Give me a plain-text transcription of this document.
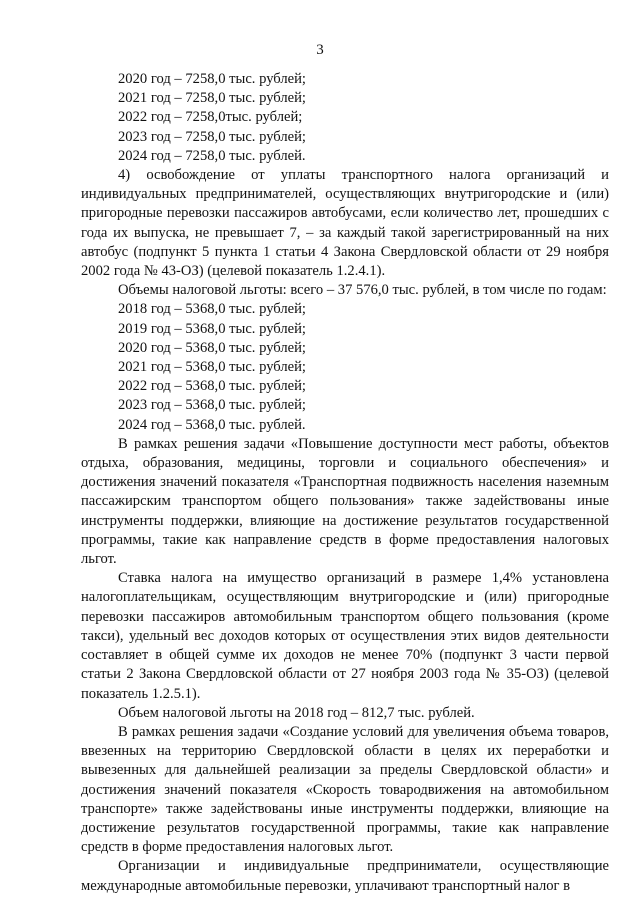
3
2020 год – 7258,0 тыс. рублей;
2021 год – 7258,0 тыс. рублей;
2022 год – 7258,0тыс. рублей;
2023 год – 7258,0 тыс. рублей;
2024 год – 7258,0 тыс. рублей.
4) освобождение от уплаты транспортного налога организаций и индивидуальных предпринимателей, осуществляющих внутригородские и (или) пригородные перевозки пассажиров автобусами, если количество лет, прошедших с года их выпуска, не превышает 7, – за каждый такой зарегистрированный на них автобус (подпункт 5 пункта 1 статьи 4 Закона Свердловской области от 29 ноября 2002 года № 43-ОЗ) (целевой показатель 1.2.4.1).
Объемы налоговой льготы: всего – 37 576,0 тыс. рублей, в том числе по годам:
2018 год – 5368,0 тыс. рублей;
2019 год – 5368,0 тыс. рублей;
2020 год – 5368,0 тыс. рублей;
2021 год – 5368,0 тыс. рублей;
2022 год – 5368,0 тыс. рублей;
2023 год – 5368,0 тыс. рублей;
2024 год – 5368,0 тыс. рублей.
В рамках решения задачи «Повышение доступности мест работы, объектов отдыха, образования, медицины, торговли и социального обеспечения» и достижения значений показателя «Транспортная подвижность населения наземным пассажирским транспортом общего пользования» также задействованы иные инструменты поддержки, влияющие на достижение результатов государственной программы, такие как направление средств в форме предоставления налоговых льгот.
Ставка налога на имущество организаций в размере 1,4% установлена налогоплательщикам, осуществляющим внутригородские и (или) пригородные перевозки пассажиров автомобильным транспортом общего пользования (кроме такси), удельный вес доходов которых от осуществления этих видов деятельности составляет в общей сумме их доходов не менее 70% (подпункт 3 части первой статьи 2 Закона Свердловской области от 27 ноября 2003 года № 35-ОЗ) (целевой показатель 1.2.5.1).
Объем налоговой льготы на 2018 год – 812,7 тыс. рублей.
В рамках решения задачи «Создание условий для увеличения объема товаров, ввезенных на территорию Свердловской области в целях их переработки и вывезенных для дальнейшей реализации за пределы Свердловской области» и достижения значений показателя «Скорость товародвижения на автомобильном транспорте» также задействованы иные инструменты поддержки, влияющие на достижение результатов государственной программы, такие как направление средств в форме предоставления налоговых льгот.
Организации и индивидуальные предприниматели, осуществляющие международные автомобильные перевозки, уплачивают транспортный налог в
